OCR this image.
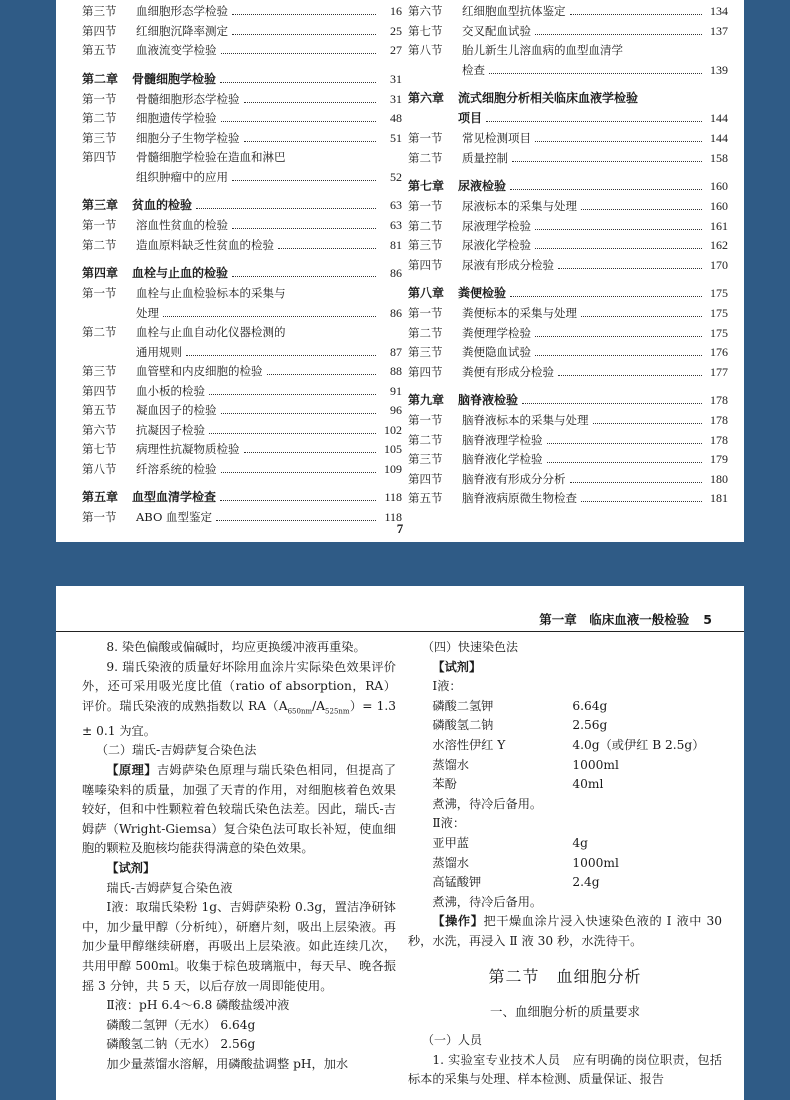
第三节	血细胞形态学检验	16
第四节	红细胞沉降率测定	25
第五节	血液流变学检验	27
第二章	骨髓细胞学检验	31
第一节	骨髓细胞形态学检验	31
第二节	细胞遗传学检验	48
第三节	细胞分子生物学检验	51
第四节	骨髓细胞学检验在造血和淋巴
组织肿瘤中的应用	52
第三章	贫血的检验	63
第一节	溶血性贫血的检验	63
第二节	造血原料缺乏性贫血的检验	81
第四章	血栓与止血的检验	86
第一节	血栓与止血检验标本的采集与
处理	86
第二节	血栓与止血自动化仪器检测的
通用规则	87
第三节	血管壁和内皮细胞的检验	88
第四节	血小板的检验	91
第五节	凝血因子的检验	96
第六节	抗凝因子检验	102
第七节	病理性抗凝物质检验	105
第八节	纤溶系统的检验	109
第五章	血型血清学检查	118
第一节	ABO 血型鉴定	118
第六节	红细胞血型抗体鉴定	134
第七节	交叉配血试验	137
第八节	胎儿新生儿溶血病的血型血清学
检查	139
第六章	流式细胞分析相关临床血液学检验
项目	144
第一节	常见检测项目	144
第二节	质量控制	158
第七章	尿液检验	160
第一节	尿液标本的采集与处理	160
第二节	尿液理学检验	161
第三节	尿液化学检验	162
第四节	尿液有形成分检验	170
第八章	粪便检验	175
第一节	粪便标本的采集与处理	175
第二节	粪便理学检验	175
第三节	粪便隐血试验	176
第四节	粪便有形成分检验	177
第九章	脑脊液检验	178
第一节	脑脊液标本的采集与处理	178
第二节	脑脊液理学检验	178
第三节	脑脊液化学检验	179
第四节	脑脊液有形成分分析	180
第五节	脑脊液病原微生物检查	181
7
第一章　临床血液一般检验 5

8. 染色偏酸或偏碱时，均应更换缓冲液再重染。

9. 瑞氏染液的质量好坏除用血涂片实际染色效果评价外，还可采用吸光度比值（ratio of absorption，RA）评价。瑞氏染液的成熟指数以 $RA(A_{650nm}/A_{525nm})= 1.3 \pm 0.1$ 为宜。

（二）瑞氏-吉姆萨复合染色法

【原理】吉姆萨染色原理与瑞氏染色相同，但提高了噻嗪染料的质量，加强了天青的作用，对细胞核着色效果较好，但和中性颗粒着色较瑞氏染色法差。因此，瑞氏-吉姆萨（Wright-Giemsa）复合染色法可取长补短，使血细胞的颗粒及胞核均能获得满意的染色效果。

【试剂】

瑞氏-吉姆萨复合染色液

Ⅰ液：取瑞氏染粉 1g、吉姆萨染粉 0.3g，置洁净研钵中，加少量甲醇（分析纯），研磨片刻，吸出上层染液。再加少量甲醇继续研磨，再吸出上层染液。如此连续几次，共用甲醇 500ml。收集于棕色玻璃瓶中，每天早、晚各振摇 3 分钟，共 5 天，以后存放一周即能使用。

Ⅱ液：pH 6.4～6.8 磷酸盐缓冲液

磷酸二氢钾（无水） 6.64g
磷酸氢二钠（无水） 2.56g

加少量蒸馏水溶解，用磷酸盐调整 pH，加水

（四）快速染色法

【试剂】

Ⅰ液：

磷酸二氢钾	6.64g
磷酸氢二钠	2.56g
水溶性伊红 Y	4.0g（或伊红 B 2.5g）
蒸馏水	1000ml
苯酚	40ml

煮沸，待冷后备用。

Ⅱ液：

亚甲蓝	4g
蒸馏水	1000ml
高锰酸钾	2.4g

煮沸，待冷后备用。

【操作】把干燥血涂片浸入快速染色液的 Ⅰ 液中 30 秒，水洗，再浸入 Ⅱ 液 30 秒，水洗待干。

第二节　血细胞分析
一、血细胞分析的质量要求

（一）人员

1. 实验室专业技术人员　应有明确的岗位职责，包括标本的采集与处理、样本检测、质量保证、报告
